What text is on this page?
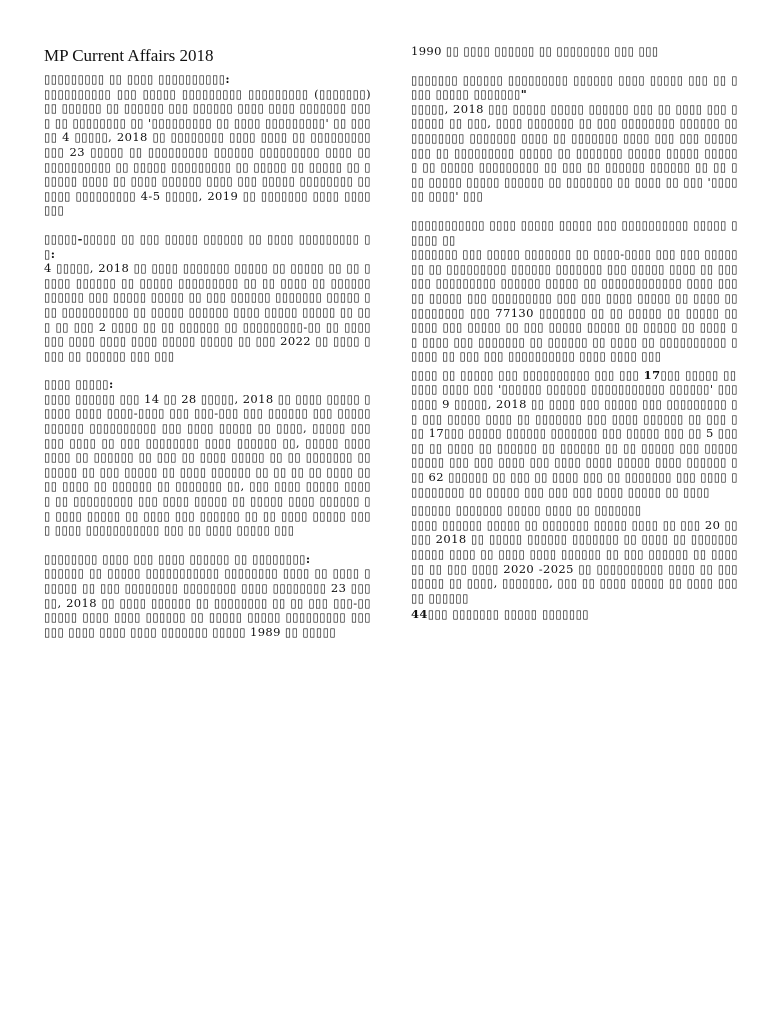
MP Current Affairs 2018

▯▯▯▯▯▯▯▯▯ ▯▯ ▯▯▯▯ ▯▯▯▯▯▯▯▯▯▯:

▯▯▯▯▯▯▯▯▯▯ ▯▯▯ ▯▯▯▯▯ ▯▯▯▯▯▯▯▯▯ ▯▯▯▯▯▯▯▯▯ (▯▯▯▯▯▯▯) ▯▯ ▯▯▯▯▯▯ ▯▯ ▯▯▯▯▯▯ ▯▯▯ ▯▯▯▯▯▯ ▯▯▯▯ ▯▯▯▯ ▯▯▯▯▯▯▯ ▯▯▯▯ ▯▯ ▯▯▯▯▯▯▯▯ ▯▯ '▯▯▯▯▯▯▯▯▯ ▯▯ ▯▯▯▯ ▯▯▯▯▯▯▯▯▯' ▯▯ ▯▯▯▯▯ 4 ▯▯▯▯▯, 2018 ▯▯ ▯▯▯▯▯▯▯▯ ▯▯▯▯ ▯▯▯▯ ▯▯ ▯▯▯▯▯▯▯▯▯ ▯▯▯ 23 ▯▯▯▯▯ ▯▯ ▯▯▯▯▯▯▯▯▯ ▯▯▯▯▯▯ ▯▯▯▯▯▯▯▯▯ ▯▯▯▯ ▯▯ ▯▯▯▯▯▯▯▯▯▯ ▯▯ ▯▯▯▯▯ ▯▯▯▯▯▯▯▯▯ ▯▯ ▯▯▯▯▯ ▯▯ ▯▯▯▯▯ ▯▯ ▯▯▯▯▯▯ ▯▯▯▯ ▯▯ ▯▯▯▯ ▯▯▯▯▯▯ ▯▯▯▯ ▯▯▯ ▯▯▯▯▯ ▯▯▯▯▯▯▯▯ ▯▯ ▯▯▯▯ ▯▯▯▯▯▯▯▯▯ 4-5 ▯▯▯▯▯, 2019 ▯▯ ▯▯▯▯▯▯▯ ▯▯▯▯ ▯▯▯▯▯▯▯

▯▯▯▯▯-▯▯▯▯▯ ▯▯ ▯▯▯ ▯▯▯▯▯ ▯▯▯▯▯▯ ▯▯ ▯▯▯▯ ▯▯▯▯▯▯▯▯▯ ▯▯:

4 ▯▯▯▯▯, 2018 ▯▯ ▯▯▯▯ ▯▯▯▯▯▯▯ ▯▯▯▯▯ ▯▯ ▯▯▯▯▯ ▯▯ ▯▯ ▯▯▯▯▯ ▯▯▯▯▯▯ ▯▯ ▯▯▯▯▯ ▯▯▯▯▯▯▯▯▯ ▯▯ ▯▯ ▯▯▯▯ ▯▯ ▯▯▯▯▯▯ ▯▯▯▯▯▯ ▯▯▯ ▯▯▯▯▯ ▯▯▯▯▯ ▯▯ ▯▯▯ ▯▯▯▯▯▯ ▯▯▯▯▯▯▯ ▯▯▯▯▯ ▯▯▯ ▯▯▯▯▯▯▯▯▯▯ ▯▯ ▯▯▯▯▯ ▯▯▯▯▯▯ ▯▯▯▯ ▯▯▯▯▯ ▯▯▯▯▯ ▯▯ ▯▯▯ ▯▯ ▯▯▯ 2 ▯▯▯▯ ▯▯ ▯▯ ▯▯▯▯▯▯ ▯▯ ▯▯▯▯▯▯▯▯▯-▯▯ ▯▯ ▯▯▯▯ ▯▯▯ ▯▯▯▯ ▯▯▯▯ ▯▯▯▯ ▯▯▯▯▯ ▯▯▯▯▯ ▯▯ ▯▯▯ 2022 ▯▯ ▯▯▯▯ ▯▯▯▯ ▯▯ ▯▯▯▯▯▯ ▯▯▯ ▯▯▯

▯▯▯▯ ▯▯▯▯▯:

▯▯▯▯ ▯▯▯▯▯▯ ▯▯▯ 14 ▯▯ 28 ▯▯▯▯▯, 2018 ▯▯ ▯▯▯▯ ▯▯▯▯▯ ▯▯▯▯▯ ▯▯▯▯ ▯▯▯▯-▯▯▯▯ ▯▯▯ ▯▯▯-▯▯▯ ▯▯▯ ▯▯▯▯▯▯ ▯▯▯ ▯▯▯▯▯▯▯▯▯▯▯ ▯▯▯▯▯▯▯▯▯▯ ▯▯▯ ▯▯▯▯ ▯▯▯▯▯ ▯▯ ▯▯▯▯, ▯▯▯▯▯ ▯▯▯ ▯▯▯ ▯▯▯▯ ▯▯ ▯▯▯ ▯▯▯▯▯▯▯▯ ▯▯▯▯ ▯▯▯▯▯▯ ▯▯, ▯▯▯▯▯ ▯▯▯▯ ▯▯▯▯ ▯▯ ▯▯▯▯▯▯ ▯▯ ▯▯▯ ▯▯ ▯▯▯▯ ▯▯▯▯▯ ▯▯ ▯▯ ▯▯▯▯▯▯▯ ▯▯▯▯▯▯▯ ▯▯ ▯▯▯ ▯▯▯▯▯ ▯▯ ▯▯▯▯ ▯▯▯▯▯▯ ▯▯ ▯▯ ▯▯ ▯▯ ▯▯▯▯ ▯▯▯▯ ▯▯▯▯ ▯▯ ▯▯▯▯▯▯ ▯▯ ▯▯▯▯▯▯▯ ▯▯, ▯▯▯ ▯▯▯▯ ▯▯▯▯▯ ▯▯▯▯▯ ▯▯ ▯▯▯▯▯▯▯▯▯ ▯▯▯ ▯▯▯▯ ▯▯▯▯▯ ▯▯ ▯▯▯▯▯ ▯▯▯▯ ▯▯▯▯▯▯ ▯▯ ▯▯▯▯ ▯▯▯▯▯ ▯▯ ▯▯▯▯ ▯▯▯ ▯▯▯▯▯▯ ▯▯ ▯▯ ▯▯▯▯ ▯▯▯▯▯ ▯▯▯▯ ▯▯▯▯ ▯▯▯▯▯▯▯▯▯▯▯ ▯▯▯ ▯▯ ▯▯▯▯ ▯▯▯▯▯ ▯▯▯

▯▯▯▯▯▯▯▯ ▯▯▯▯ ▯▯▯ ▯▯▯▯ ▯▯▯▯▯▯ ▯▯ ▯▯▯▯▯▯▯▯:

▯▯▯▯▯▯ ▯▯ ▯▯▯▯▯ ▯▯▯▯▯▯▯▯▯▯▯ ▯▯▯▯▯▯▯▯ ▯▯▯▯ ▯▯ ▯▯▯▯ ▯▯▯▯▯▯ ▯▯ ▯▯▯ ▯▯▯▯▯▯▯▯ ▯▯▯▯▯▯▯▯ ▯▯▯▯ ▯▯▯▯▯▯▯▯ 23 ▯▯▯▯▯, 2018 ▯▯ ▯▯▯▯ ▯▯▯▯▯▯ ▯▯ ▯▯▯▯▯▯▯▯ ▯▯ ▯▯ ▯▯▯ ▯▯▯-▯▯▯▯▯▯▯ ▯▯▯▯ ▯▯▯▯ ▯▯▯▯▯▯ ▯▯ ▯▯▯▯▯ ▯▯▯▯▯ ▯▯▯▯▯▯▯▯▯ ▯▯▯ ▯▯▯ ▯▯▯▯ ▯▯▯▯ ▯▯▯▯ ▯▯▯▯▯▯▯ ▯▯▯▯▯ 1989 ▯▯ ▯▯▯▯▯

1990 ▯▯ ▯▯▯▯ ▯▯▯▯▯▯ ▯▯ ▯▯▯▯▯▯▯▯ ▯▯▯ ▯▯▯

▯▯▯▯▯▯▯ ▯▯▯▯▯▯ ▯▯▯▯▯▯▯▯▯ ▯▯▯▯▯▯ ▯▯▯▯ ▯▯▯▯▯ ▯▯▯ ▯▯ ▯▯▯▯ ▯▯▯▯▯ ▯▯▯▯▯▯▯"

▯▯▯▯▯, 2018 ▯▯▯ ▯▯▯▯▯ ▯▯▯▯▯ ▯▯▯▯▯▯ ▯▯▯ ▯▯ ▯▯▯▯ ▯▯▯ ▯▯▯▯▯▯ ▯▯ ▯▯▯, ▯▯▯▯ ▯▯▯▯▯▯▯ ▯▯ ▯▯▯ ▯▯▯▯▯▯▯▯ ▯▯▯▯▯▯ ▯▯▯▯▯▯▯▯▯▯ ▯▯▯▯▯▯▯ ▯▯▯▯ ▯▯ ▯▯▯▯▯▯▯ ▯▯▯▯ ▯▯▯ ▯▯▯ ▯▯▯▯▯▯▯▯ ▯▯ ▯▯▯▯▯▯▯▯▯ ▯▯▯▯▯ ▯▯ ▯▯▯▯▯▯▯ ▯▯▯▯▯ ▯▯▯▯▯ ▯▯▯▯▯▯ ▯▯ ▯▯▯▯▯ ▯▯▯▯▯▯▯▯▯ ▯▯ ▯▯▯ ▯▯ ▯▯▯▯▯▯ ▯▯▯▯▯▯ ▯▯ ▯▯ ▯▯▯ ▯▯▯▯▯ ▯▯▯▯▯ ▯▯▯▯▯▯ ▯▯ ▯▯▯▯▯▯▯ ▯▯ ▯▯▯▯ ▯▯ ▯▯▯ '▯▯▯▯▯▯ ▯▯▯▯' ▯▯▯

▯▯▯▯▯▯▯▯▯▯▯ ▯▯▯▯ ▯▯▯▯▯ ▯▯▯▯▯ ▯▯▯ ▯▯▯▯▯▯▯▯▯▯ ▯▯▯▯▯ ▯▯▯▯▯ ▯▯

▯▯▯▯▯▯▯ ▯▯▯ ▯▯▯▯▯ ▯▯▯▯▯▯▯ ▯▯ ▯▯▯▯-▯▯▯▯ ▯▯▯ ▯▯▯ ▯▯▯▯▯▯▯ ▯▯ ▯▯▯▯▯▯▯▯▯ ▯▯▯▯▯▯ ▯▯▯▯▯▯▯ ▯▯▯ ▯▯▯▯▯ ▯▯▯▯ ▯▯ ▯▯▯▯▯▯ ▯▯▯▯▯▯▯▯▯ ▯▯▯▯▯▯ ▯▯▯▯▯ ▯▯ ▯▯▯▯▯▯▯▯▯▯▯▯ ▯▯▯▯ ▯▯▯▯▯ ▯▯▯▯▯ ▯▯▯ ▯▯▯▯▯▯▯▯▯ ▯▯▯ ▯▯▯ ▯▯▯▯ ▯▯▯▯▯ ▯▯ ▯▯▯▯ ▯▯▯▯▯▯▯▯▯▯ ▯▯▯ 77130 ▯▯▯▯▯▯▯ ▯▯ ▯▯ ▯▯▯▯▯ ▯▯ ▯▯▯▯▯ ▯▯ ▯▯▯▯ ▯▯▯ ▯▯▯▯▯ ▯▯ ▯▯▯ ▯▯▯▯▯ ▯▯▯▯▯ ▯▯ ▯▯▯▯▯ ▯▯ ▯▯▯▯ ▯▯ ▯▯▯▯ ▯▯▯ ▯▯▯▯▯▯▯ ▯▯ ▯▯▯▯▯▯ ▯▯ ▯▯▯▯ ▯▯ ▯▯▯▯▯▯▯▯▯▯ ▯▯▯▯▯ ▯▯ ▯▯▯ ▯▯▯ ▯▯▯▯▯▯▯▯▯▯ ▯▯▯▯ ▯▯▯▯ ▯▯▯

▯▯▯▯ ▯▯ ▯▯▯▯▯ ▯▯▯ ▯▯▯▯▯▯▯▯▯▯ ▯▯▯ ▯▯▯ 17▯▯▯ ▯▯▯▯▯ ▯▯

▯▯▯▯ ▯▯▯▯ ▯▯▯ '▯▯▯▯▯▯ ▯▯▯▯▯▯ ▯▯▯▯▯▯▯▯▯▯▯ ▯▯▯▯▯▯' ▯▯▯▯▯▯▯ 9 ▯▯▯▯▯, 2018 ▯▯ ▯▯▯▯ ▯▯▯ ▯▯▯▯▯ ▯▯▯ ▯▯▯▯▯▯▯▯▯ ▯▯ ▯▯▯ ▯▯▯▯▯ ▯▯▯▯ ▯▯ ▯▯▯▯▯▯▯ ▯▯▯ ▯▯▯▯ ▯▯▯▯▯▯ ▯▯ ▯▯▯ ▯▯▯ 17▯▯▯ ▯▯▯▯▯ ▯▯▯▯▯▯ ▯▯▯▯▯▯▯ ▯▯▯ ▯▯▯▯▯ ▯▯▯ ▯▯ 5 ▯▯▯ ▯▯ ▯▯ ▯▯▯▯ ▯▯ ▯▯▯▯▯▯ ▯▯ ▯▯▯▯▯▯ ▯▯ ▯▯ ▯▯▯▯▯ ▯▯▯ ▯▯▯▯▯▯▯▯▯▯ ▯▯▯ ▯▯▯ ▯▯▯▯ ▯▯▯ ▯▯▯▯ ▯▯▯▯ ▯▯▯▯▯ ▯▯▯▯ ▯▯▯▯▯▯ ▯▯▯ 62 ▯▯▯▯▯▯ ▯▯ ▯▯▯ ▯▯ ▯▯▯▯ ▯▯▯ ▯▯ ▯▯▯▯▯▯▯ ▯▯▯ ▯▯▯▯ ▯▯▯▯▯▯▯▯▯ ▯▯ ▯▯▯▯▯ ▯▯▯ ▯▯▯ ▯▯▯ ▯▯▯▯ ▯▯▯▯▯ ▯▯ ▯▯▯▯

▯▯▯▯▯▯ ▯▯▯▯▯▯▯ ▯▯▯▯▯ ▯▯▯▯ ▯▯ ▯▯▯▯▯▯▯

▯▯▯▯ ▯▯▯▯▯▯ ▯▯▯▯▯ ▯▯ ▯▯▯▯▯▯▯ ▯▯▯▯▯ ▯▯▯▯ ▯▯ ▯▯▯ 20 ▯▯▯▯▯ 2018 ▯▯ ▯▯▯▯▯ ▯▯▯▯▯▯ ▯▯▯▯▯▯▯ ▯▯ ▯▯▯▯ ▯▯ ▯▯▯▯▯▯▯ ▯▯▯▯▯ ▯▯▯▯ ▯▯ ▯▯▯▯ ▯▯▯▯ ▯▯▯▯▯▯ ▯▯ ▯▯▯ ▯▯▯▯▯▯ ▯▯ ▯▯▯▯▯▯ ▯▯ ▯▯▯ ▯▯▯▯ 2020 -2025 ▯▯ ▯▯▯▯▯▯▯▯▯▯ ▯▯▯▯ ▯▯ ▯▯▯ ▯▯▯▯▯ ▯▯ ▯▯▯▯, ▯▯▯▯▯▯▯, ▯▯▯ ▯▯ ▯▯▯▯ ▯▯▯▯▯ ▯▯ ▯▯▯▯ ▯▯▯▯▯ ▯▯▯▯▯▯

44▯▯▯ ▯▯▯▯▯▯▯ ▯▯▯▯▯ ▯▯▯▯▯▯▯
